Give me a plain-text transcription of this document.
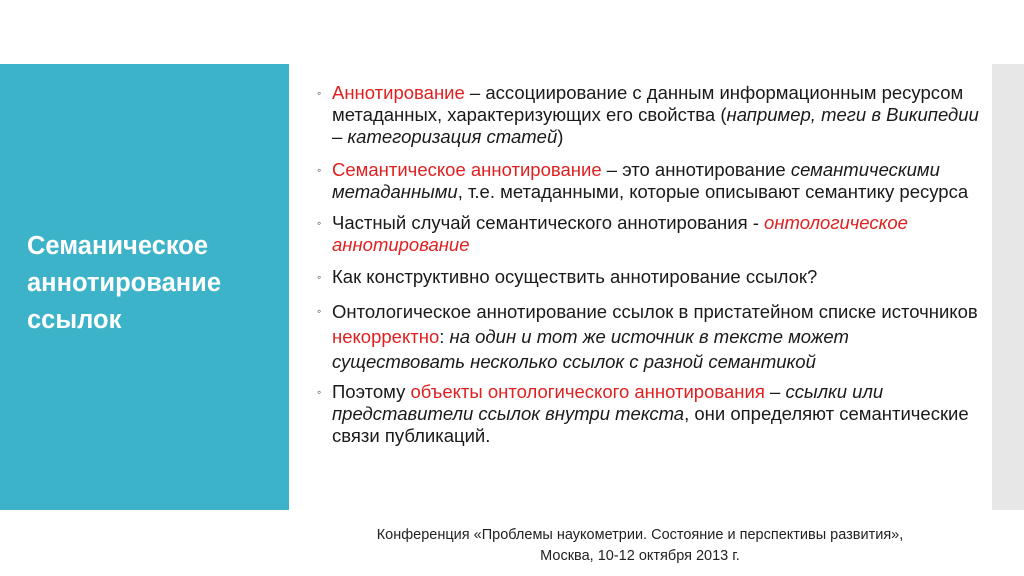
Семаническое аннотирование ссылок

◦ Аннотирование – ассоциирование с данным информационным ресурсом метаданных, характеризующих его свойства (например, теги в Википедии – категоризация статей)

◦ Семантическое аннотирование – это аннотирование семантическими метаданными, т.е. метаданными, которые описывают семантику ресурса

◦ Частный случай семантического аннотирования - онтологическое аннотирование

◦ Как конструктивно осуществить аннотирование ссылок?

◦ Онтологическое аннотирование ссылок в пристатейном списке источников некорректно: на один и тот же источник в тексте может существовать несколько ссылок с разной семантикой

◦ Поэтому объекты онтологического аннотирования – ссылки или представители ссылок внутри текста, они определяют семантические связи публикаций.

Конференция «Проблемы наукометрии. Состояние и перспективы развития»,
Москва, 10-12 октября 2013 г.
